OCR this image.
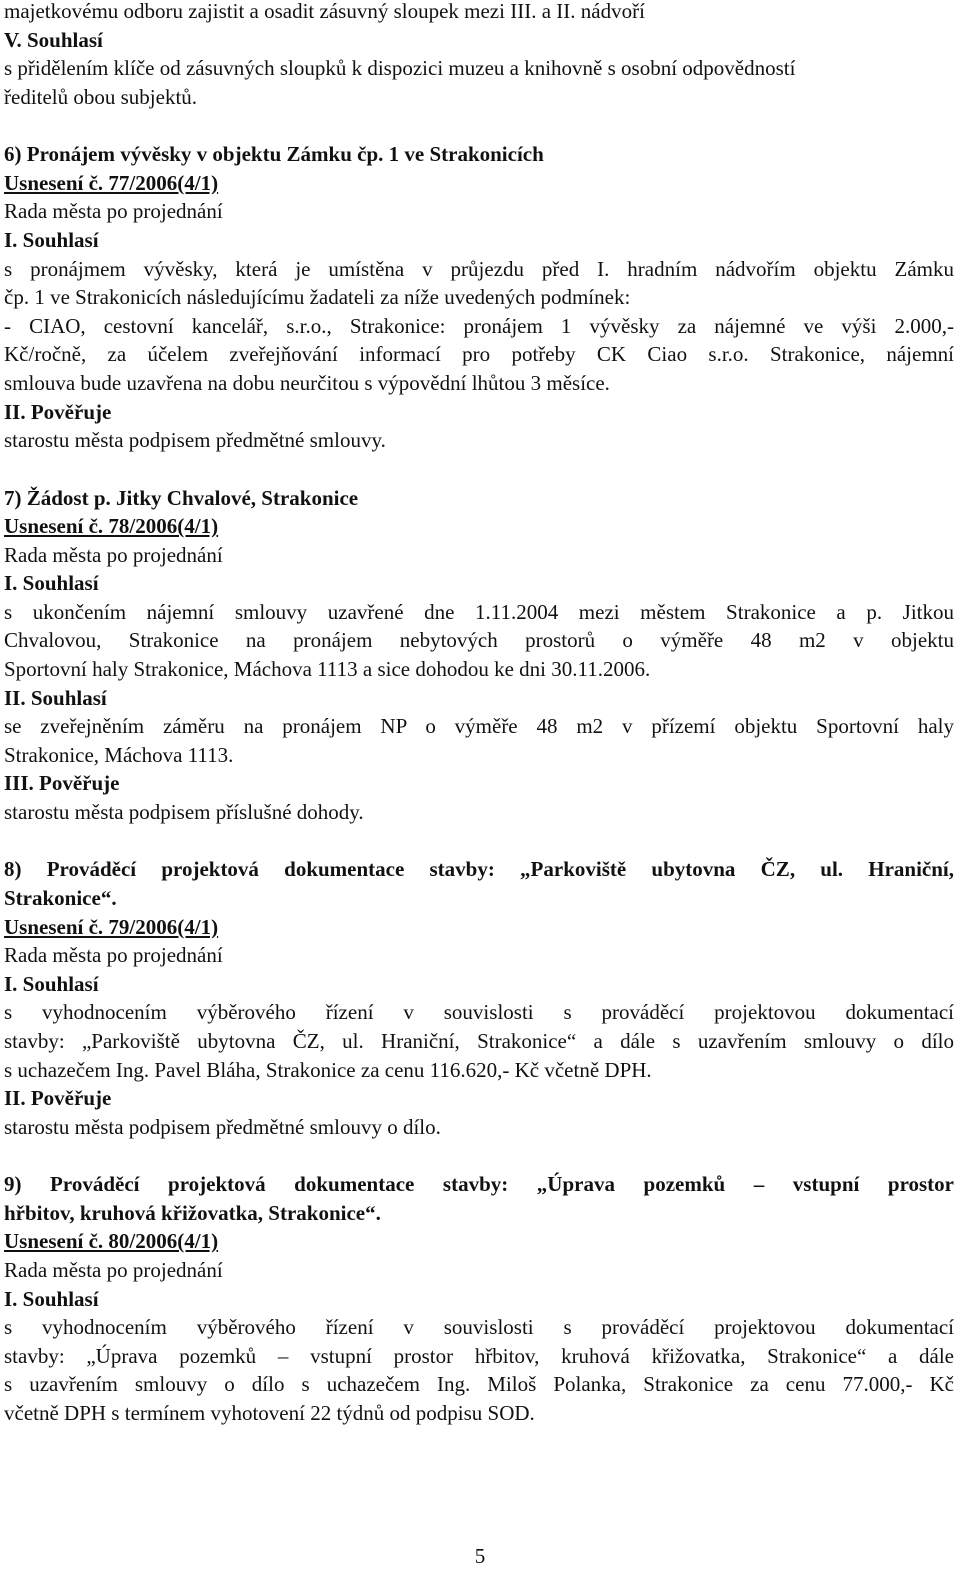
majetkovému odboru zajistit a osadit zásuvný sloupek mezi III. a II. nádvoří
V. Souhlasí
s přidělením klíče od zásuvných sloupků k dispozici muzeu a knihovně s osobní odpovědností
ředitelů obou subjektů.
6) Pronájem vývěsky v objektu Zámku čp. 1 ve Strakonicích
Usnesení č. 77/2006(4/1)
Rada města po projednání
I. Souhlasí
s pronájmem vývěsky, která je umístěna v průjezdu před I. hradním nádvořím objektu Zámku
čp. 1 ve Strakonicích následujícímu žadateli za níže uvedených podmínek:
- CIAO, cestovní kancelář, s.r.o., Strakonice: pronájem 1 vývěsky za nájemné ve výši 2.000,-
Kč/ročně, za účelem zveřejňování informací pro potřeby CK Ciao s.r.o. Strakonice, nájemní
smlouva bude uzavřena na dobu neurčitou s výpovědní lhůtou 3 měsíce.
II. Pověřuje
starostu města podpisem předmětné smlouvy.
7) Žádost p. Jitky Chvalové, Strakonice
Usnesení č. 78/2006(4/1)
Rada města po projednání
I. Souhlasí
s ukončením nájemní smlouvy uzavřené dne 1.11.2004 mezi městem Strakonice a p. Jitkou
Chvalovou, Strakonice na pronájem nebytových prostorů o výměře 48 m2 v objektu
Sportovní haly Strakonice, Máchova 1113 a sice dohodou ke dni 30.11.2006.
II. Souhlasí
se zveřejněním záměru na pronájem NP o výměře 48 m2 v přízemí objektu Sportovní haly
Strakonice, Máchova 1113.
III. Pověřuje
starostu města podpisem příslušné dohody.
8) Prováděcí projektová dokumentace stavby: „Parkoviště ubytovna ČZ, ul. Hraniční,
Strakonice“.
Usnesení č. 79/2006(4/1)
Rada města po projednání
I. Souhlasí
s vyhodnocením výběrového řízení v souvislosti s prováděcí projektovou dokumentací
stavby: „Parkoviště ubytovna ČZ, ul. Hraniční, Strakonice“ a dále s uzavřením smlouvy o dílo
s uchazečem Ing. Pavel Bláha, Strakonice za cenu 116.620,- Kč včetně DPH.
II. Pověřuje
starostu města podpisem předmětné smlouvy o dílo.
9) Prováděcí projektová dokumentace stavby: „Úprava pozemků – vstupní prostor
hřbitov, kruhová křižovatka, Strakonice“.
Usnesení č. 80/2006(4/1)
Rada města po projednání
I. Souhlasí
s vyhodnocením výběrového řízení v souvislosti s prováděcí projektovou dokumentací
stavby: „Úprava pozemků – vstupní prostor hřbitov, kruhová křižovatka, Strakonice“ a dále
s uzavřením smlouvy o dílo s uchazečem Ing. Miloš Polanka, Strakonice za cenu 77.000,- Kč
včetně DPH s termínem vyhotovení 22 týdnů od podpisu SOD.
5
